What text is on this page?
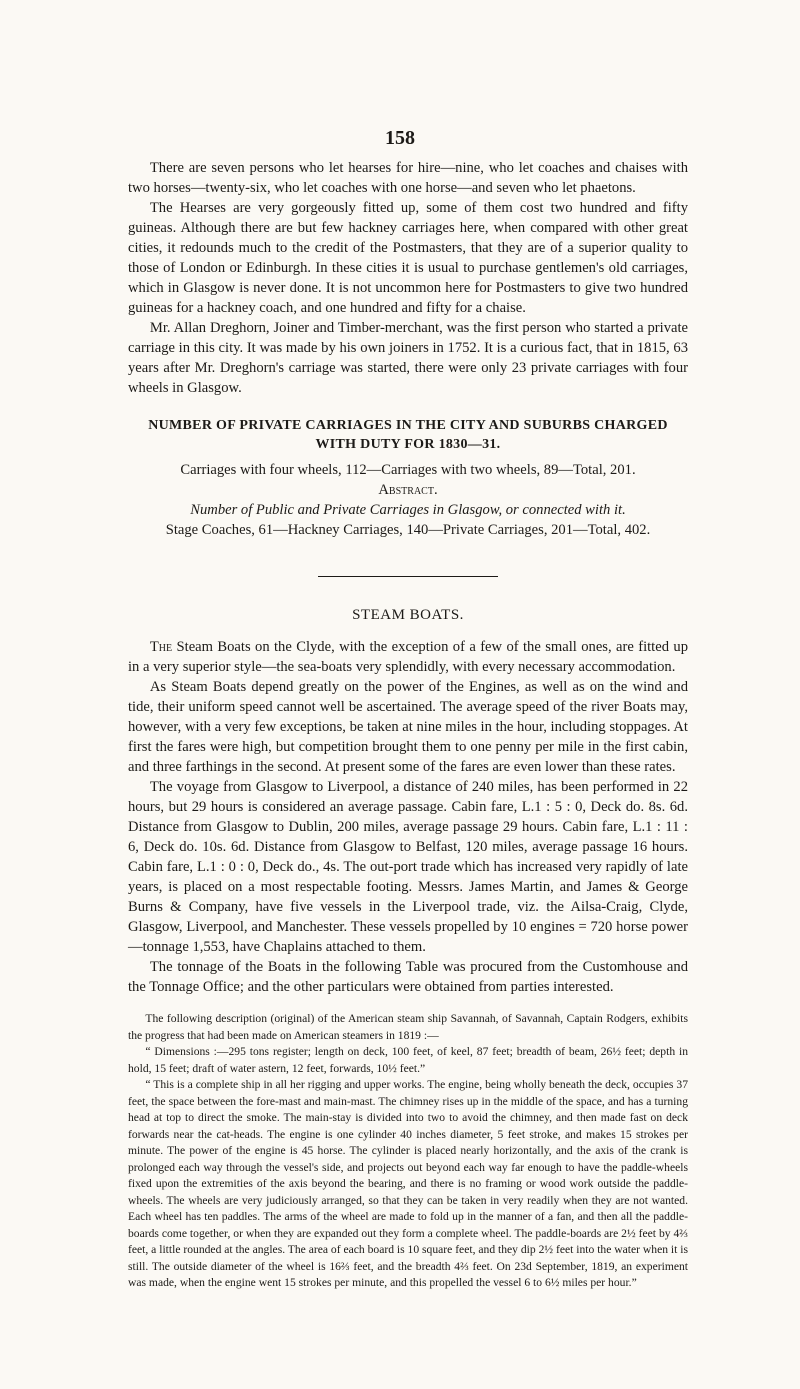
158

There are seven persons who let hearses for hire—nine, who let coaches and chaises with two horses—twenty-six, who let coaches with one horse—and seven who let phaetons.

The Hearses are very gorgeously fitted up, some of them cost two hundred and fifty guineas. Although there are but few hackney carriages here, when compared with other great cities, it redounds much to the credit of the Postmasters, that they are of a superior quality to those of London or Edinburgh. In these cities it is usual to purchase gentlemen's old carriages, which in Glasgow is never done. It is not uncommon here for Postmasters to give two hundred guineas for a hackney coach, and one hundred and fifty for a chaise.

Mr. Allan Dreghorn, Joiner and Timber-merchant, was the first person who started a private carriage in this city. It was made by his own joiners in 1752. It is a curious fact, that in 1815, 63 years after Mr. Dreghorn's carriage was started, there were only 23 private carriages with four wheels in Glasgow.

NUMBER OF PRIVATE CARRIAGES IN THE CITY AND SUBURBS CHARGED WITH DUTY FOR 1830—31.

Carriages with four wheels, 112—Carriages with two wheels, 89—Total, 201.

Abstract.

Number of Public and Private Carriages in Glasgow, or connected with it.

Stage Coaches, 61—Hackney Carriages, 140—Private Carriages, 201—Total, 402.

STEAM BOATS.

The Steam Boats on the Clyde, with the exception of a few of the small ones, are fitted up in a very superior style—the sea-boats very splendidly, with every necessary accommodation.

As Steam Boats depend greatly on the power of the Engines, as well as on the wind and tide, their uniform speed cannot well be ascertained. The average speed of the river Boats may, however, with a very few exceptions, be taken at nine miles in the hour, including stoppages. At first the fares were high, but competition brought them to one penny per mile in the first cabin, and three farthings in the second. At present some of the fares are even lower than these rates.

The voyage from Glasgow to Liverpool, a distance of 240 miles, has been performed in 22 hours, but 29 hours is considered an average passage. Cabin fare, L.1 : 5 : 0, Deck do. 8s. 6d. Distance from Glasgow to Dublin, 200 miles, average passage 29 hours. Cabin fare, L.1 : 11 : 6, Deck do. 10s. 6d. Distance from Glasgow to Belfast, 120 miles, average passage 16 hours. Cabin fare, L.1 : 0 : 0, Deck do., 4s. The out-port trade which has increased very rapidly of late years, is placed on a most respectable footing. Messrs. James Martin, and James & George Burns & Company, have five vessels in the Liverpool trade, viz. the Ailsa-Craig, Clyde, Glasgow, Liverpool, and Manchester. These vessels propelled by 10 engines = 720 horse power—tonnage 1,553, have Chaplains attached to them.

The tonnage of the Boats in the following Table was procured from the Customhouse and the Tonnage Office; and the other particulars were obtained from parties interested.

The following description (original) of the American steam ship Savannah, of Savannah, Captain Rodgers, exhibits the progress that had been made on American steamers in 1819 :—

“ Dimensions :—295 tons register; length on deck, 100 feet, of keel, 87 feet; breadth of beam, 26½ feet; depth in hold, 15 feet; draft of water astern, 12 feet, forwards, 10½ feet.”

“ This is a complete ship in all her rigging and upper works. The engine, being wholly beneath the deck, occupies 37 feet, the space between the fore-mast and main-mast. The chimney rises up in the middle of the space, and has a turning head at top to direct the smoke. The main-stay is divided into two to avoid the chimney, and then made fast on deck forwards near the cat-heads. The engine is one cylinder 40 inches diameter, 5 feet stroke, and makes 15 strokes per minute. The power of the engine is 45 horse. The cylinder is placed nearly horizontally, and the axis of the crank is prolonged each way through the vessel's side, and projects out beyond each way far enough to have the paddle-wheels fixed upon the extremities of the axis beyond the bearing, and there is no framing or wood work outside the paddle-wheels. The wheels are very judiciously arranged, so that they can be taken in very readily when they are not wanted. Each wheel has ten paddles. The arms of the wheel are made to fold up in the manner of a fan, and then all the paddle-boards come together, or when they are expanded out they form a complete wheel. The paddle-boards are 2½ feet by 4⅔ feet, a little rounded at the angles. The area of each board is 10 square feet, and they dip 2½ feet into the water when it is still. The outside diameter of the wheel is 16⅔ feet, and the breadth 4⅔ feet. On 23d September, 1819, an experiment was made, when the engine went 15 strokes per minute, and this propelled the vessel 6 to 6½ miles per hour.”
